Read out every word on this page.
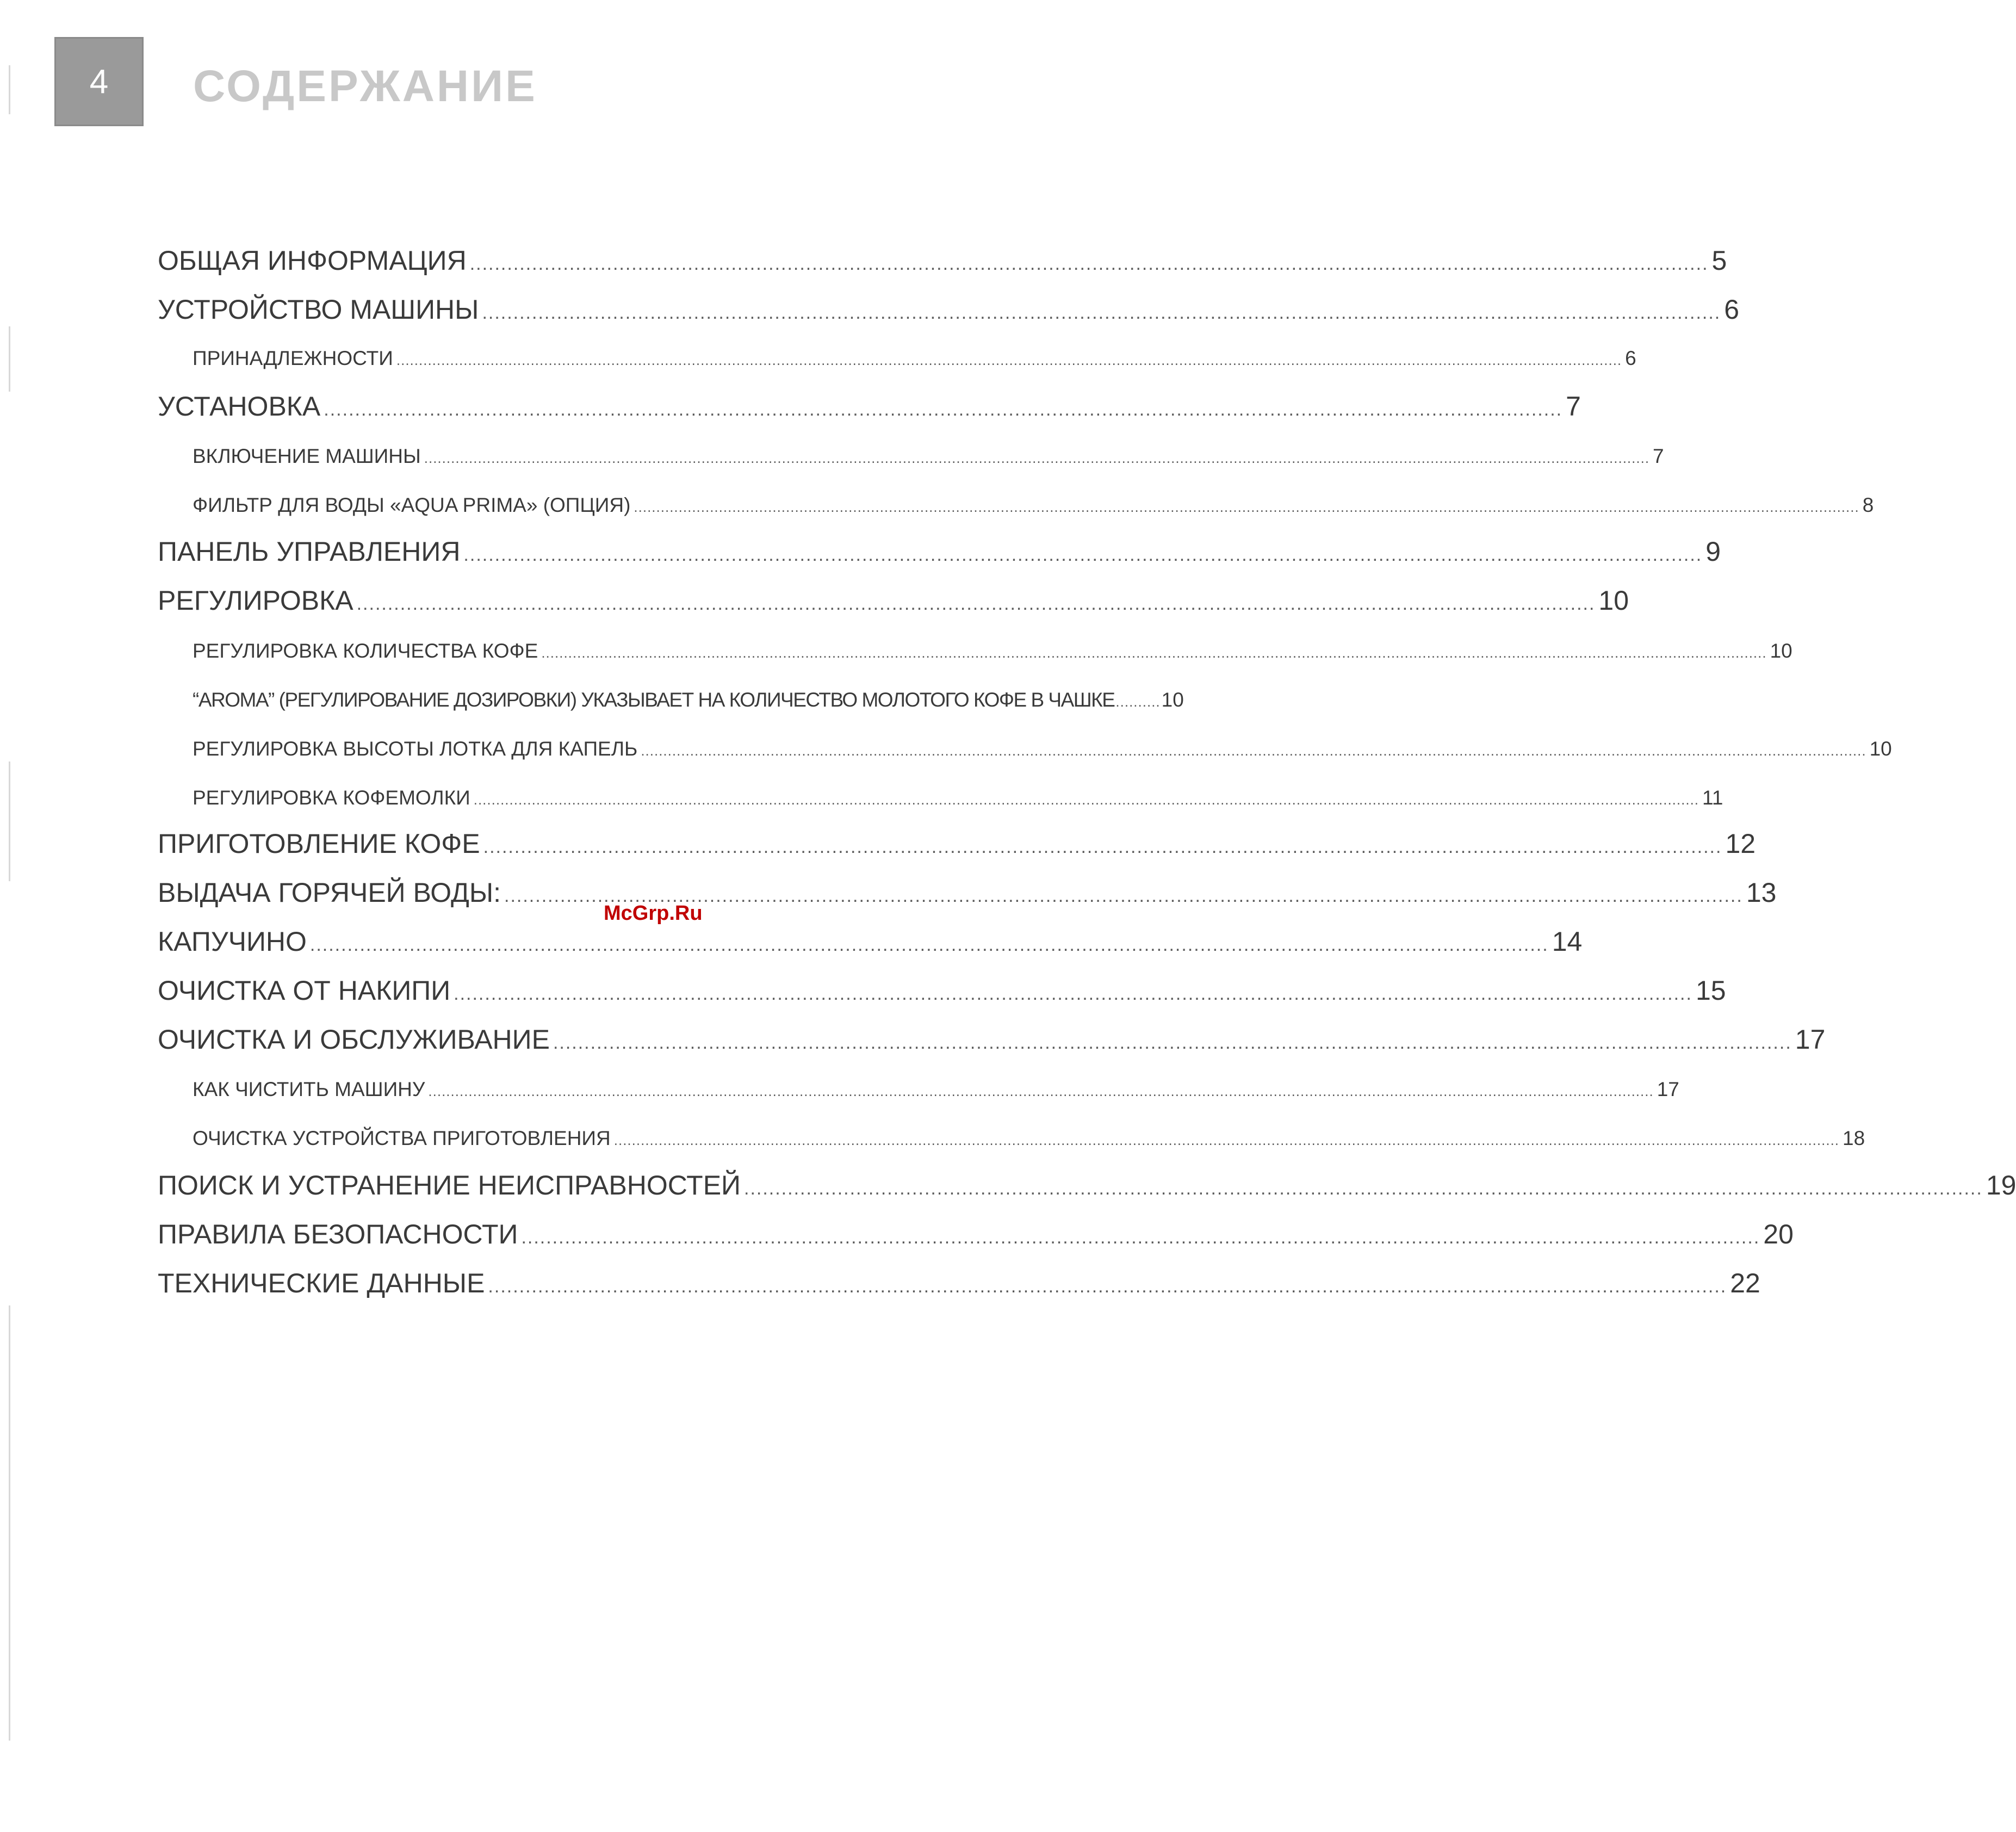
4 СОДЕРЖАНИЕ
ОБЩАЯ ИНФОРМАЦИЯ ....................................................................................................................................................................................................... 5
УСТРОЙСТВО МАШИНЫ ....................................................................................................................................................................................................... 6
ПРИНАДЛЕЖНОСТИ .................................................................................................................................................................................................................................................................................. 6
УСТАНОВКА ....................................................................................................................................................................................................... 7
ВКЛЮЧЕНИЕ МАШИНЫ .................................................................................................................................................................................................................................................................................. 7
ФИЛЬТР ДЛЯ ВОДЫ «AQUA PRIMA» (ОПЦИЯ) .................................................................................................................................................................................................................................................................................. 8
ПАНЕЛЬ УПРАВЛЕНИЯ ....................................................................................................................................................................................................... 9
РЕГУЛИРОВКА ....................................................................................................................................................................................................... 10
РЕГУЛИРОВКА КОЛИЧЕСТВА КОФЕ .................................................................................................................................................................................................................................................................................. 10
“AROMA” (РЕГУЛИРОВАНИЕ ДОЗИРОВКИ) УКАЗЫВАЕТ НА КОЛИЧЕСТВО МОЛОТОГО КОФЕ В ЧАШКЕ .......... 10
РЕГУЛИРОВКА ВЫСОТЫ ЛОТКА ДЛЯ КАПЕЛЬ .................................................................................................................................................................................................................................................................................. 10
РЕГУЛИРОВКА КОФЕМОЛКИ .................................................................................................................................................................................................................................................................................. 11
ПРИГОТОВЛЕНИЕ КОФЕ ....................................................................................................................................................................................................... 12
ВЫДАЧА ГОРЯЧЕЙ ВОДЫ: ....................................................................................................................................................................................................... 13
КАПУЧИНО ....................................................................................................................................................................................................... 14
ОЧИСТКА ОТ НАКИПИ ....................................................................................................................................................................................................... 15
ОЧИСТКА И ОБСЛУЖИВАНИЕ ....................................................................................................................................................................................................... 17
КАК ЧИСТИТЬ МАШИНУ .................................................................................................................................................................................................................................................................................. 17
ОЧИСТКА УСТРОЙСТВА ПРИГОТОВЛЕНИЯ .................................................................................................................................................................................................................................................................................. 18
ПОИСК И УСТРАНЕНИЕ НЕИСПРАВНОСТЕЙ ....................................................................................................................................................................................................... 19
ПРАВИЛА БЕЗОПАСНОСТИ ....................................................................................................................................................................................................... 20
ТЕХНИЧЕСКИЕ ДАННЫЕ ....................................................................................................................................................................................................... 22
McGrp.Ru
